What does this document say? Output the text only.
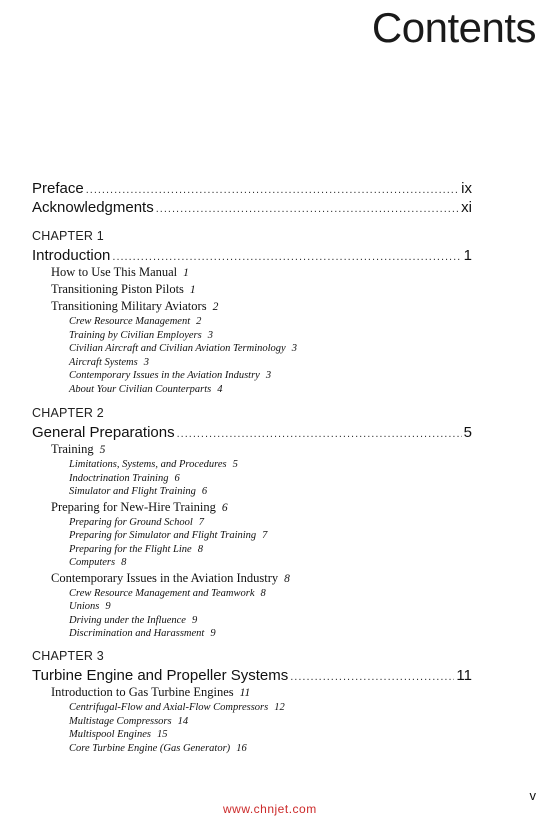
Contents
Preface .....	ix
Acknowledgments .....	xi
CHAPTER 1
Introduction .....	1
How to Use This Manual 1
Transitioning Piston Pilots 1
Transitioning Military Aviators 2
Crew Resource Management 2
Training by Civilian Employers 3
Civilian Aircraft and Civilian Aviation Terminology 3
Aircraft Systems 3
Contemporary Issues in the Aviation Industry 3
About Your Civilian Counterparts 4
CHAPTER 2
General Preparations .....	5
Training 5
Limitations, Systems, and Procedures 5
Indoctrination Training 6
Simulator and Flight Training 6
Preparing for New-Hire Training 6
Preparing for Ground School 7
Preparing for Simulator and Flight Training 7
Preparing for the Flight Line 8
Computers 8
Contemporary Issues in the Aviation Industry 8
Crew Resource Management and Teamwork 8
Unions 9
Driving under the Influence 9
Discrimination and Harassment 9
CHAPTER 3
Turbine Engine and Propeller Systems .....	11
Introduction to Gas Turbine Engines 11
Centrifugal-Flow and Axial-Flow Compressors 12
Multistage Compressors 14
Multispool Engines 15
Core Turbine Engine (Gas Generator) 16
v
www.chnjet.com
